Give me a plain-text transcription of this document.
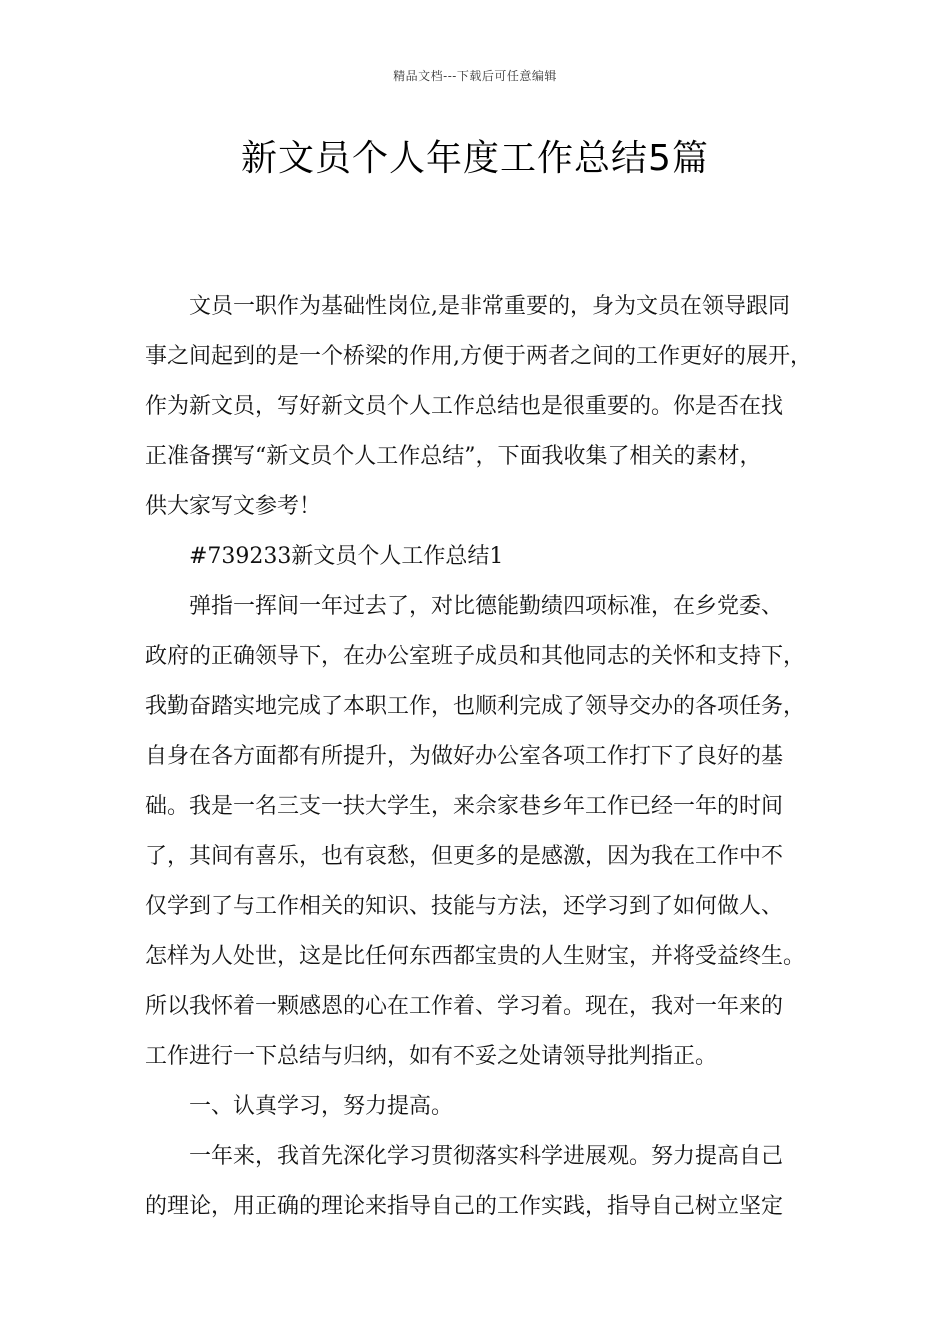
精品文档---下载后可任意编辑
新文员个人年度工作总结5篇
文员一职作为基础性岗位,是非常重要的，身为文员在领导跟同
事之间起到的是一个桥梁的作用,方便于两者之间的工作更好的展开，
作为新文员，写好新文员个人工作总结也是很重要的。你是否在找
正准备撰写“新文员个人工作总结”，下面我收集了相关的素材，
供大家写文参考！
#739233新文员个人工作总结1
弹指一挥间一年过去了，对比德能勤绩四项标准，在乡党委、
政府的正确领导下，在办公室班子成员和其他同志的关怀和支持下，
我勤奋踏实地完成了本职工作，也顺利完成了领导交办的各项任务，
自身在各方面都有所提升，为做好办公室各项工作打下了良好的基
础。我是一名三支一扶大学生，来佘家巷乡年工作已经一年的时间
了，其间有喜乐，也有哀愁，但更多的是感激，因为我在工作中不
仅学到了与工作相关的知识、技能与方法，还学习到了如何做人、
怎样为人处世，这是比任何东西都宝贵的人生财宝，并将受益终生。
所以我怀着一颗感恩的心在工作着、学习着。现在，我对一年来的
工作进行一下总结与归纳，如有不妥之处请领导批判指正。
一、认真学习，努力提高。
一年来，我首先深化学习贯彻落实科学进展观。努力提高自己
的理论，用正确的理论来指导自己的工作实践，指导自己树立坚定
